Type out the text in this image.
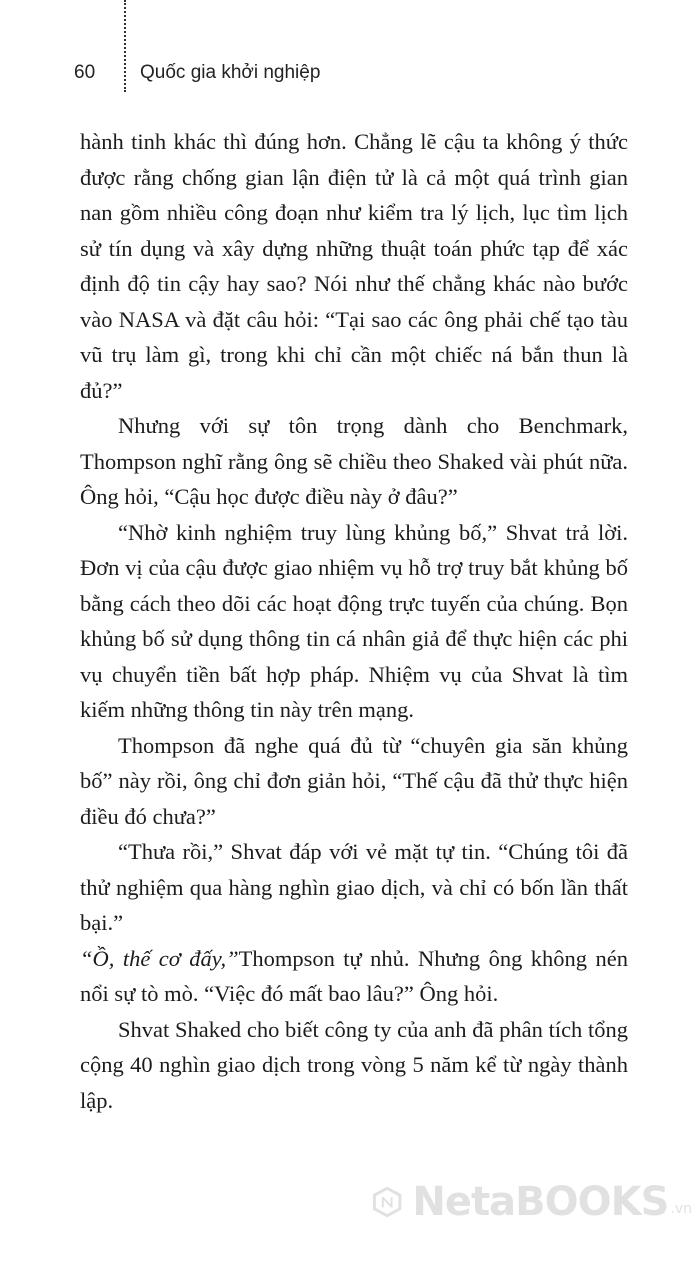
60 Quốc gia khởi nghiệp

hành tinh khác thì đúng hơn. Chẳng lẽ cậu ta không ý thức được rằng chống gian lận điện tử là cả một quá trình gian nan gồm nhiều công đoạn như kiểm tra lý lịch, lục tìm lịch sử tín dụng và xây dựng những thuật toán phức tạp để xác định độ tin cậy hay sao? Nói như thế chẳng khác nào bước vào NASA và đặt câu hỏi: “Tại sao các ông phải chế tạo tàu vũ trụ làm gì, trong khi chỉ cần một chiếc ná bắn thun là đủ?”

Nhưng với sự tôn trọng dành cho Benchmark, Thompson nghĩ rằng ông sẽ chiều theo Shaked vài phút nữa. Ông hỏi, “Cậu học được điều này ở đâu?”

“Nhờ kinh nghiệm truy lùng khủng bố,” Shvat trả lời. Đơn vị của cậu được giao nhiệm vụ hỗ trợ truy bắt khủng bố bằng cách theo dõi các hoạt động trực tuyến của chúng. Bọn khủng bố sử dụng thông tin cá nhân giả để thực hiện các phi vụ chuyển tiền bất hợp pháp. Nhiệm vụ của Shvat là tìm kiếm những thông tin này trên mạng.

Thompson đã nghe quá đủ từ “chuyên gia săn khủng bố” này rồi, ông chỉ đơn giản hỏi, “Thế cậu đã thử thực hiện điều đó chưa?”

“Thưa rồi,” Shvat đáp với vẻ mặt tự tin. “Chúng tôi đã thử nghiệm qua hàng nghìn giao dịch, và chỉ có bốn lần thất bại.”

“Ồ, thế cơ đấy,”Thompson tự nhủ. Nhưng ông không nén nổi sự tò mò. “Việc đó mất bao lâu?” Ông hỏi.

Shvat Shaked cho biết công ty của anh đã phân tích tổng cộng 40 nghìn giao dịch trong vòng 5 năm kể từ ngày thành lập.

NetaBOOKS .vn
